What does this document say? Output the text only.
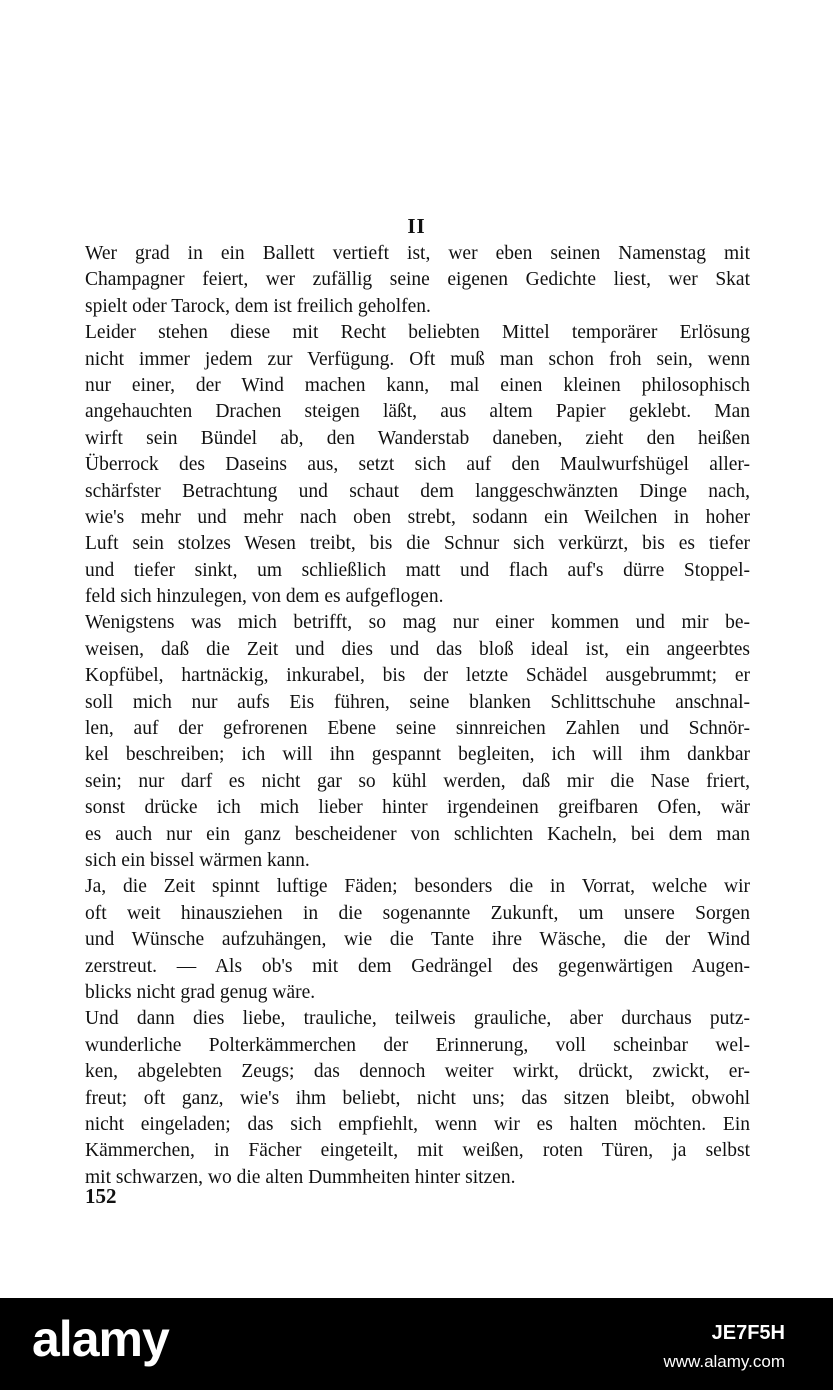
II
Wer grad in ein Ballett vertieft ist, wer eben seinen Namenstag mit
Champagner feiert, wer zufällig seine eigenen Gedichte liest, wer Skat
spielt oder Tarock, dem ist freilich geholfen.
Leider stehen diese mit Recht beliebten Mittel temporärer Erlösung
nicht immer jedem zur Verfügung. Oft muß man schon froh sein, wenn
nur einer, der Wind machen kann, mal einen kleinen philosophisch
angehauchten Drachen steigen läßt, aus altem Papier geklebt. Man
wirft sein Bündel ab, den Wanderstab daneben, zieht den heißen
Überrock des Daseins aus, setzt sich auf den Maulwurfshügel aller-
schärfster Betrachtung und schaut dem langgeschwänzten Dinge nach,
wie's mehr und mehr nach oben strebt, sodann ein Weilchen in hoher
Luft sein stolzes Wesen treibt, bis die Schnur sich verkürzt, bis es tiefer
und tiefer sinkt, um schließlich matt und flach auf's dürre Stoppel-
feld sich hinzulegen, von dem es aufgeflogen.
Wenigstens was mich betrifft, so mag nur einer kommen und mir be-
weisen, daß die Zeit und dies und das bloß ideal ist, ein angeerbtes
Kopfübel, hartnäckig, inkurabel, bis der letzte Schädel ausgebrummt; er
soll mich nur aufs Eis führen, seine blanken Schlittschuhe anschnal-
len, auf der gefrorenen Ebene seine sinnreichen Zahlen und Schnör-
kel beschreiben; ich will ihn gespannt begleiten, ich will ihm dankbar
sein; nur darf es nicht gar so kühl werden, daß mir die Nase friert,
sonst drücke ich mich lieber hinter irgendeinen greifbaren Ofen, wär
es auch nur ein ganz bescheidener von schlichten Kacheln, bei dem man
sich ein bissel wärmen kann.
Ja, die Zeit spinnt luftige Fäden; besonders die in Vorrat, welche wir
oft weit hinausziehen in die sogenannte Zukunft, um unsere Sorgen
und Wünsche aufzuhängen, wie die Tante ihre Wäsche, die der Wind
zerstreut. — Als ob's mit dem Gedrängel des gegenwärtigen Augen-
blicks nicht grad genug wäre.
Und dann dies liebe, trauliche, teilweis grauliche, aber durchaus putz-
wunderliche Polterkämmerchen der Erinnerung, voll scheinbar wel-
ken, abgelebten Zeugs; das dennoch weiter wirkt, drückt, zwickt, er-
freut; oft ganz, wie's ihm beliebt, nicht uns; das sitzen bleibt, obwohl
nicht eingeladen; das sich empfiehlt, wenn wir es halten möchten. Ein
Kämmerchen, in Fächer eingeteilt, mit weißen, roten Türen, ja selbst
mit schwarzen, wo die alten Dummheiten hinter sitzen.
152
alamy	JE7F5H
www.alamy.com
